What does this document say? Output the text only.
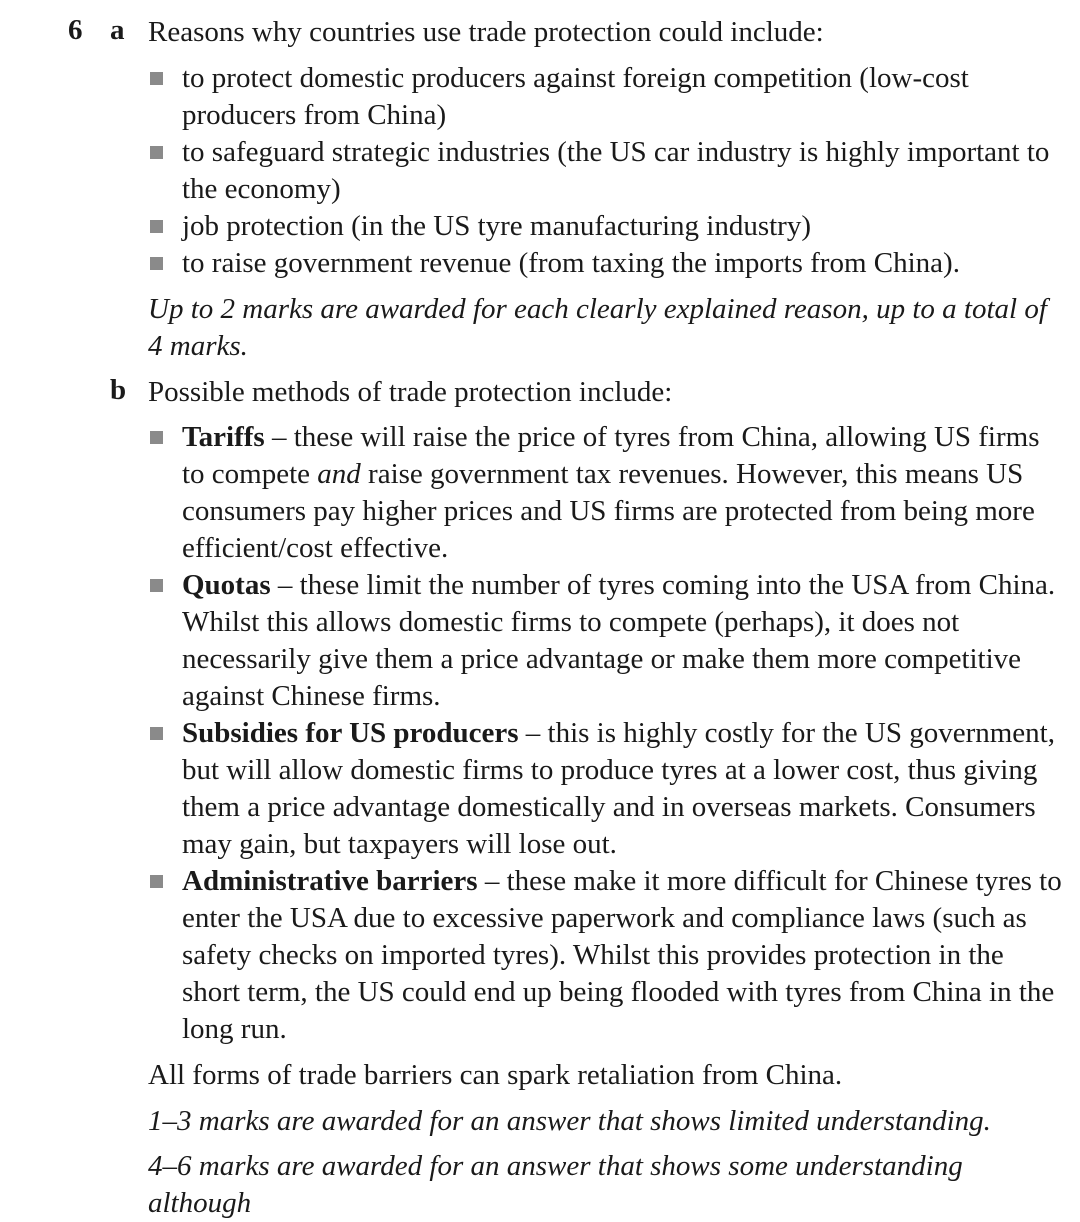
6 a Reasons why countries use trade protection could include:
to protect domestic producers against foreign competition (low-cost producers from China)
to safeguard strategic industries (the US car industry is highly important to the economy)
job protection (in the US tyre manufacturing industry)
to raise government revenue (from taxing the imports from China).
Up to 2 marks are awarded for each clearly explained reason, up to a total of 4 marks.
b Possible methods of trade protection include:
Tariffs – these will raise the price of tyres from China, allowing US firms to compete and raise government tax revenues. However, this means US consumers pay higher prices and US firms are protected from being more efficient/cost effective.
Quotas – these limit the number of tyres coming into the USA from China. Whilst this allows domestic firms to compete (perhaps), it does not necessarily give them a price advantage or make them more competitive against Chinese firms.
Subsidies for US producers – this is highly costly for the US government, but will allow domestic firms to produce tyres at a lower cost, thus giving them a price advantage domestically and in overseas markets. Consumers may gain, but taxpayers will lose out.
Administrative barriers – these make it more difficult for Chinese tyres to enter the USA due to excessive paperwork and compliance laws (such as safety checks on imported tyres). Whilst this provides protection in the short term, the US could end up being flooded with tyres from China in the long run.
All forms of trade barriers can spark retaliation from China.
1–3 marks are awarded for an answer that shows limited understanding.
4–6 marks are awarded for an answer that shows some understanding although
